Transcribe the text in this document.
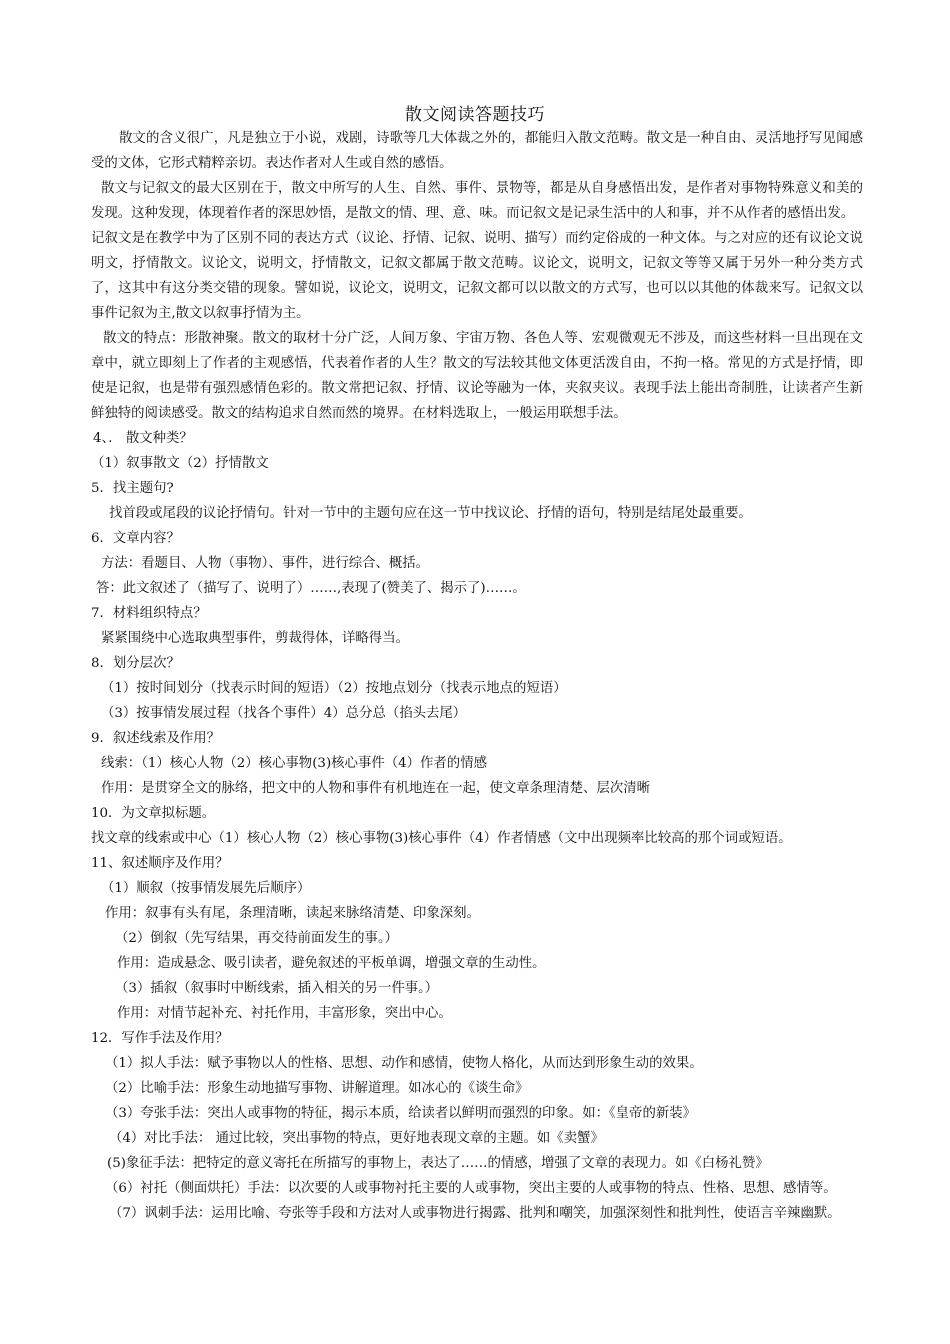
散文阅读答题技巧

散文的含义很广，凡是独立于小说，戏剧，诗歌等几大体裁之外的，都能归入散文范畴。散文是一种自由、灵活地抒写见闻感受的文体，它形式精粹亲切。表达作者对人生或自然的感悟。

散文与记叙文的最大区别在于，散文中所写的人生、自然、事件、景物等，都是从自身感悟出发，是作者对事物特殊意义和美的发现。这种发现，体现着作者的深思妙悟，是散文的情、理、意、味。而记叙文是记录生活中的人和事，并不从作者的感悟出发。

记叙文是在教学中为了区别不同的表达方式（议论、抒情、记叙、说明、描写）而约定俗成的一种文体。与之对应的还有议论文说明文，抒情散文。议论文，说明文，抒情散文，记叙文都属于散文范畴。议论文，说明文，记叙文等等又属于另外一种分类方式了，这其中有这分类交错的现象。譬如说，议论文，说明文，记叙文都可以以散文的方式写，也可以以其他的体裁来写。记叙文以事件记叙为主,散文以叙事抒情为主。

散文的特点：形散神聚。散文的取材十分广泛，人间万象、宇宙万物、各色人等、宏观微观无不涉及，而这些材料一旦出现在文章中，就立即刻上了作者的主观感悟，代表着作者的人生？散文的写法较其他文体更活泼自由，不拘一格。常见的方式是抒情，即使是记叙，也是带有强烈感情色彩的。散文常把记叙、抒情、议论等融为一体，夹叙夹议。表现手法上能出奇制胜，让读者产生新鲜独特的阅读感受。散文的结构追求自然而然的境界。在材料选取上，一般运用联想手法。

4、． 散文种类？

（1）叙事散文（2）抒情散文

5．找主题句?

找首段或尾段的议论抒情句。针对一节中的主题句应在这一节中找议论、抒情的语句，特别是结尾处最重要。

6．文章内容？

方法：看题目、人物（事物）、事件，进行综合、概括。

答：此文叙述了（描写了、说明了）……,表现了(赞美了、揭示了)……。

7．材料组织特点？

紧紧围绕中心选取典型事件，剪裁得体，详略得当。

8．划分层次？

（1）按时间划分（找表示时间的短语）（2）按地点划分（找表示地点的短语）

（3）按事情发展过程（找各个事件）4）总分总（掐头去尾）

9．叙述线索及作用？

线索：（1）核心人物（2）核心事物(3)核心事件（4）作者的情感

作用：是贯穿全文的脉络，把文中的人物和事件有机地连在一起，使文章条理清楚、层次清晰

10．为文章拟标题。

找文章的线索或中心（1）核心人物（2）核心事物(3)核心事件（4）作者情感（文中出现频率比较高的那个词或短语。

11、叙述顺序及作用？

（1）顺叙（按事情发展先后顺序）

作用：叙事有头有尾，条理清晰，读起来脉络清楚、印象深刻。

（2）倒叙（先写结果，再交待前面发生的事。）

作用：造成悬念、吸引读者，避免叙述的平板单调，增强文章的生动性。

（3）插叙（叙事时中断线索，插入相关的另一件事。）

作用：对情节起补充、衬托作用，丰富形象，突出中心。

12．写作手法及作用？

（1）拟人手法：赋予事物以人的性格、思想、动作和感情，使物人格化，从而达到形象生动的效果。

（2）比喻手法：形象生动地描写事物、讲解道理。如冰心的《谈生命》

（3）夸张手法：突出人或事物的特征，揭示本质，给读者以鲜明而强烈的印象。如：《皇帝的新装》

（4）对比手法： 通过比较，突出事物的特点，更好地表现文章的主题。如《卖蟹》

(5)象征手法：把特定的意义寄托在所描写的事物上，表达了……的情感，增强了文章的表现力。如《白杨礼赞》

（6）衬托（侧面烘托）手法：以次要的人或事物衬托主要的人或事物，突出主要的人或事物的特点、性格、思想、感情等。

（7）讽刺手法：运用比喻、夸张等手段和方法对人或事物进行揭露、批判和嘲笑，加强深刻性和批判性，使语言辛辣幽默。
